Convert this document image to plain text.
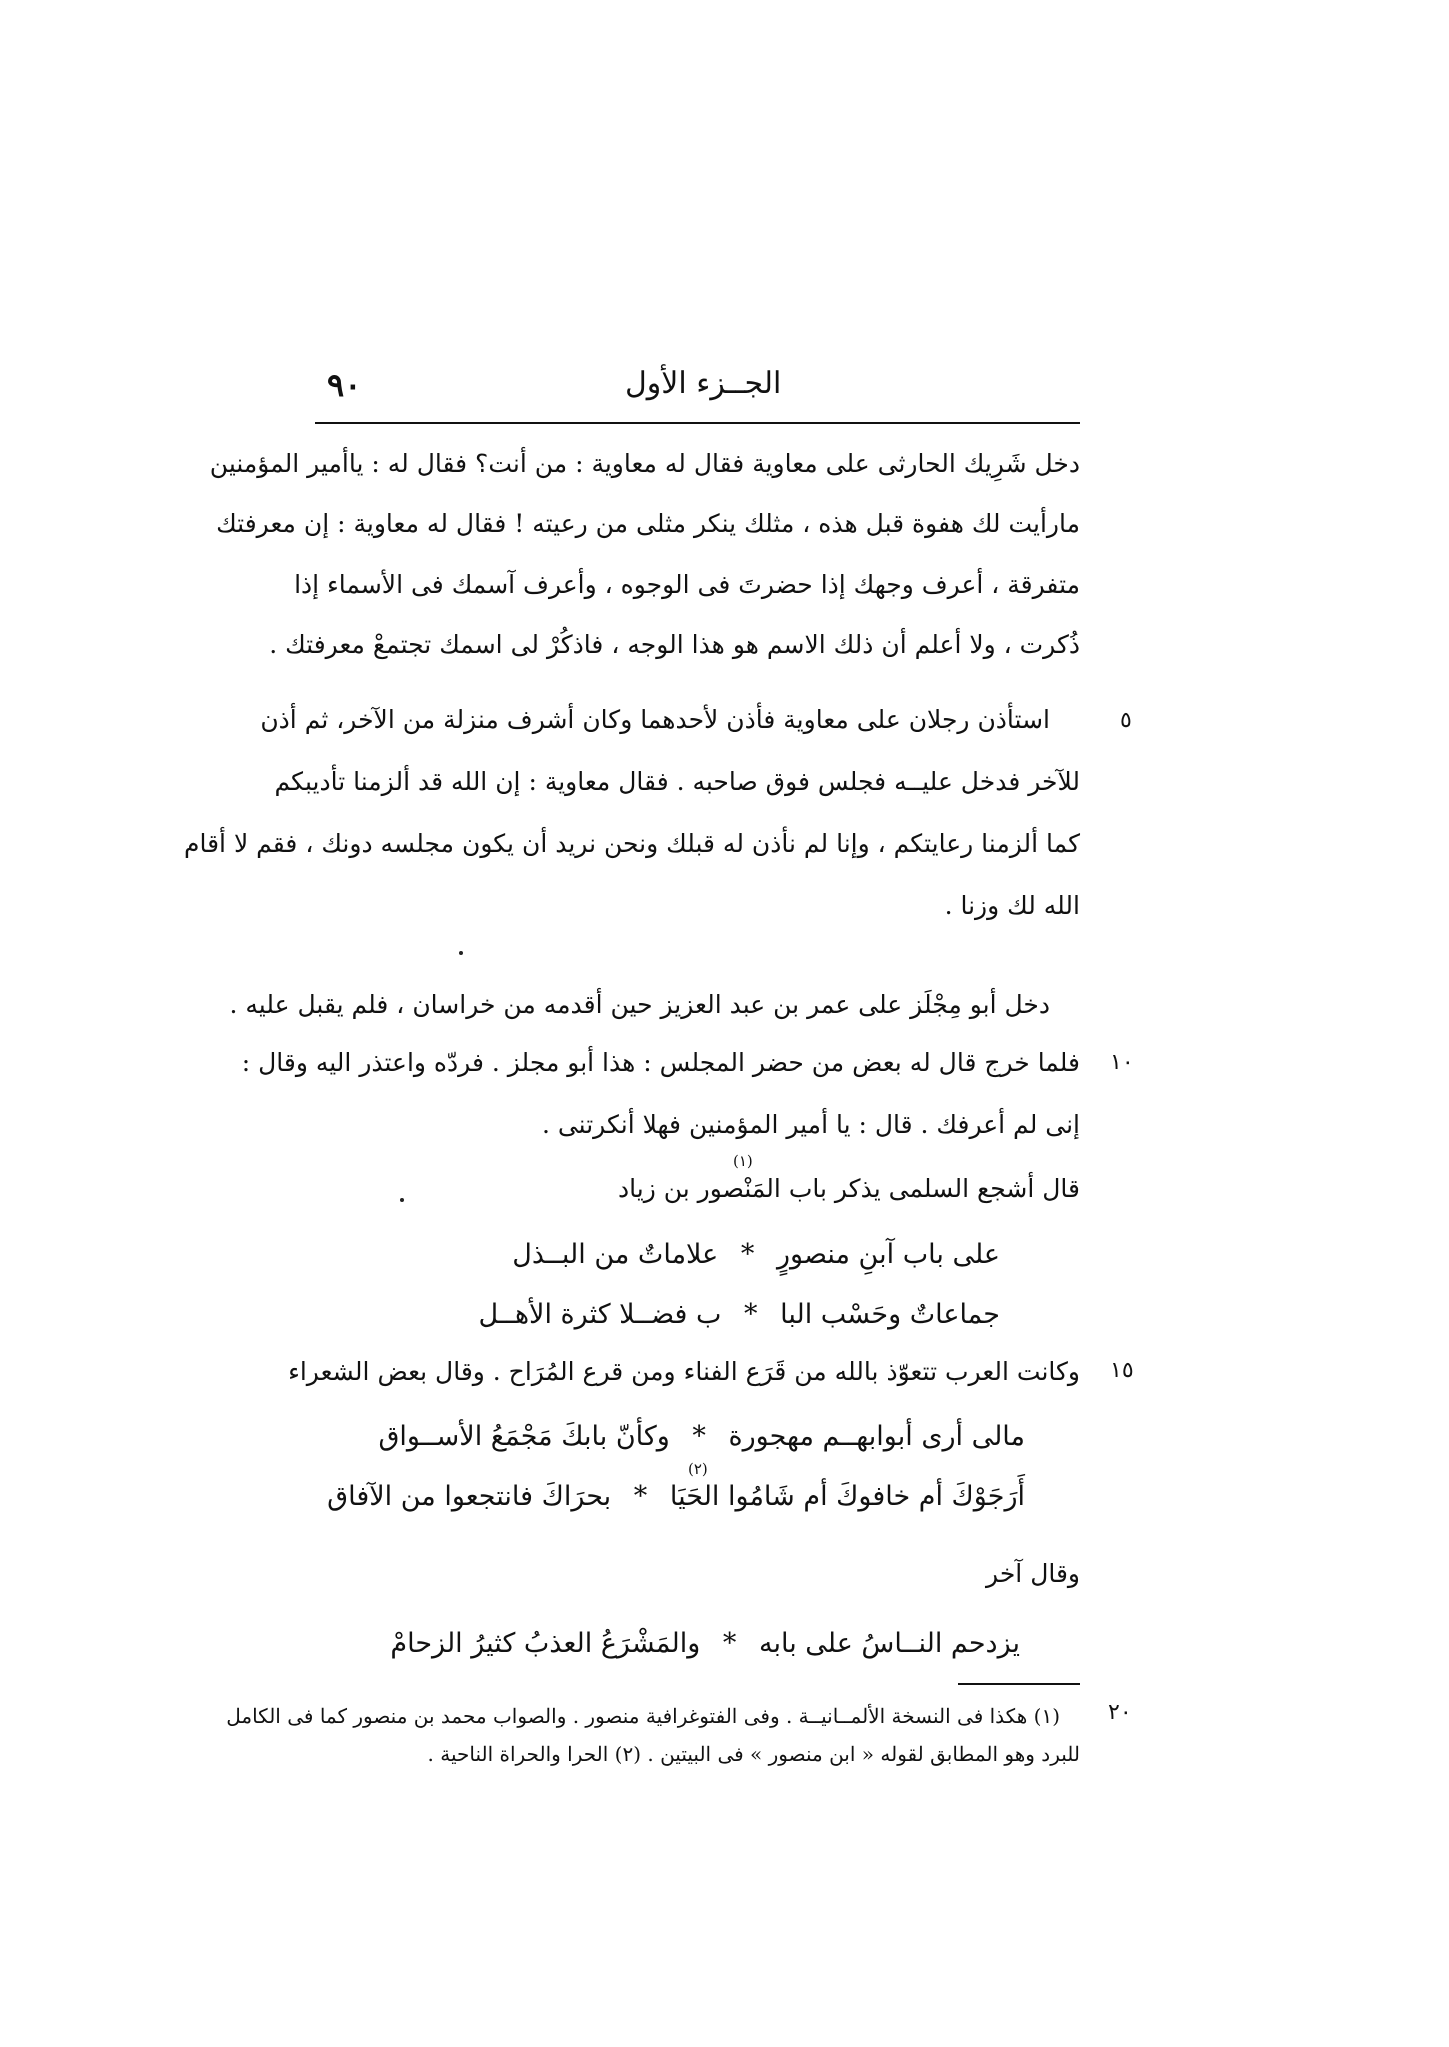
٩٠	الجــزء الأول
دخل شَرِيك الحارثى على معاوية فقال له معاوية : من أنت؟ فقال له : ياأمير المؤمنين
مارأيت لك هفوة قبل هذه ، مثلك ينكر مثلى من رعيته ! فقال له معاوية : إن معرفتك
متفرقة ، أعرف وجهك إذا حضرتَ فى الوجوه ، وأعرف آسمك فى الأسماء إذا
ذُكرت ، ولا أعلم أن ذلك الاسم هو هذا الوجه ، فاذكُرْ لى اسمك تجتمعْ معرفتك .
٥
استأذن رجلان على معاوية فأذن لأحدهما وكان أشرف منزلة من الآخر، ثم أذن
للآخر فدخل عليــه فجلس فوق صاحبه . فقال معاوية : إن الله قد ألزمنا تأديبكم
كما ألزمنا رعايتكم ، وإنا لم نأذن له قبلك ونحن نريد أن يكون مجلسه دونك ، فقم لا أقام
الله لك وزنا .
دخل أبو مِجْلَز على عمر بن عبد العزيز حين أقدمه من خراسان ، فلم يقبل عليه .
١٠
فلما خرج قال له بعض من حضر المجلس : هذا أبو مجلز . فردّه واعتذر اليه وقال :
إنى لم أعرفك . قال : يا أمير المؤمنين فهلا أنكرتنى .
قال أشجع السلمى يذكر باب المَنْصور بن زياد
(١)
على باب آبنِ منصورٍ * علاماتٌ من البــذل
جماعاتٌ وحَسْب البا * ب فضــلا كثرة الأهــل
١٥
وكانت العرب تتعوّذ بالله من قَرَع الفناء ومن قرع المُرَاح . وقال بعض الشعراء
مالى أرى أبوابهــم مهجورة * وكأنّ بابكَ مَجْمَعُ الأســواق
أَرَجَوْكَ أم خافوكَ أم شَامُوا الحَيَا * بحرَاكَ فانتجعوا من الآفاق
(٢)
وقال آخر
يزدحم النــاسُ على بابه * والمَشْرَعُ العذبُ كثيرُ الزحامْ
٢٠
(١) هكذا فى النسخة الألمــانيــة . وفى الفتوغرافية منصور . والصواب محمد بن منصور كما فى الكامل
للبرد وهو المطابق لقوله « ابن منصور » فى البيتين . (٢) الحرا والحراة الناحية .
